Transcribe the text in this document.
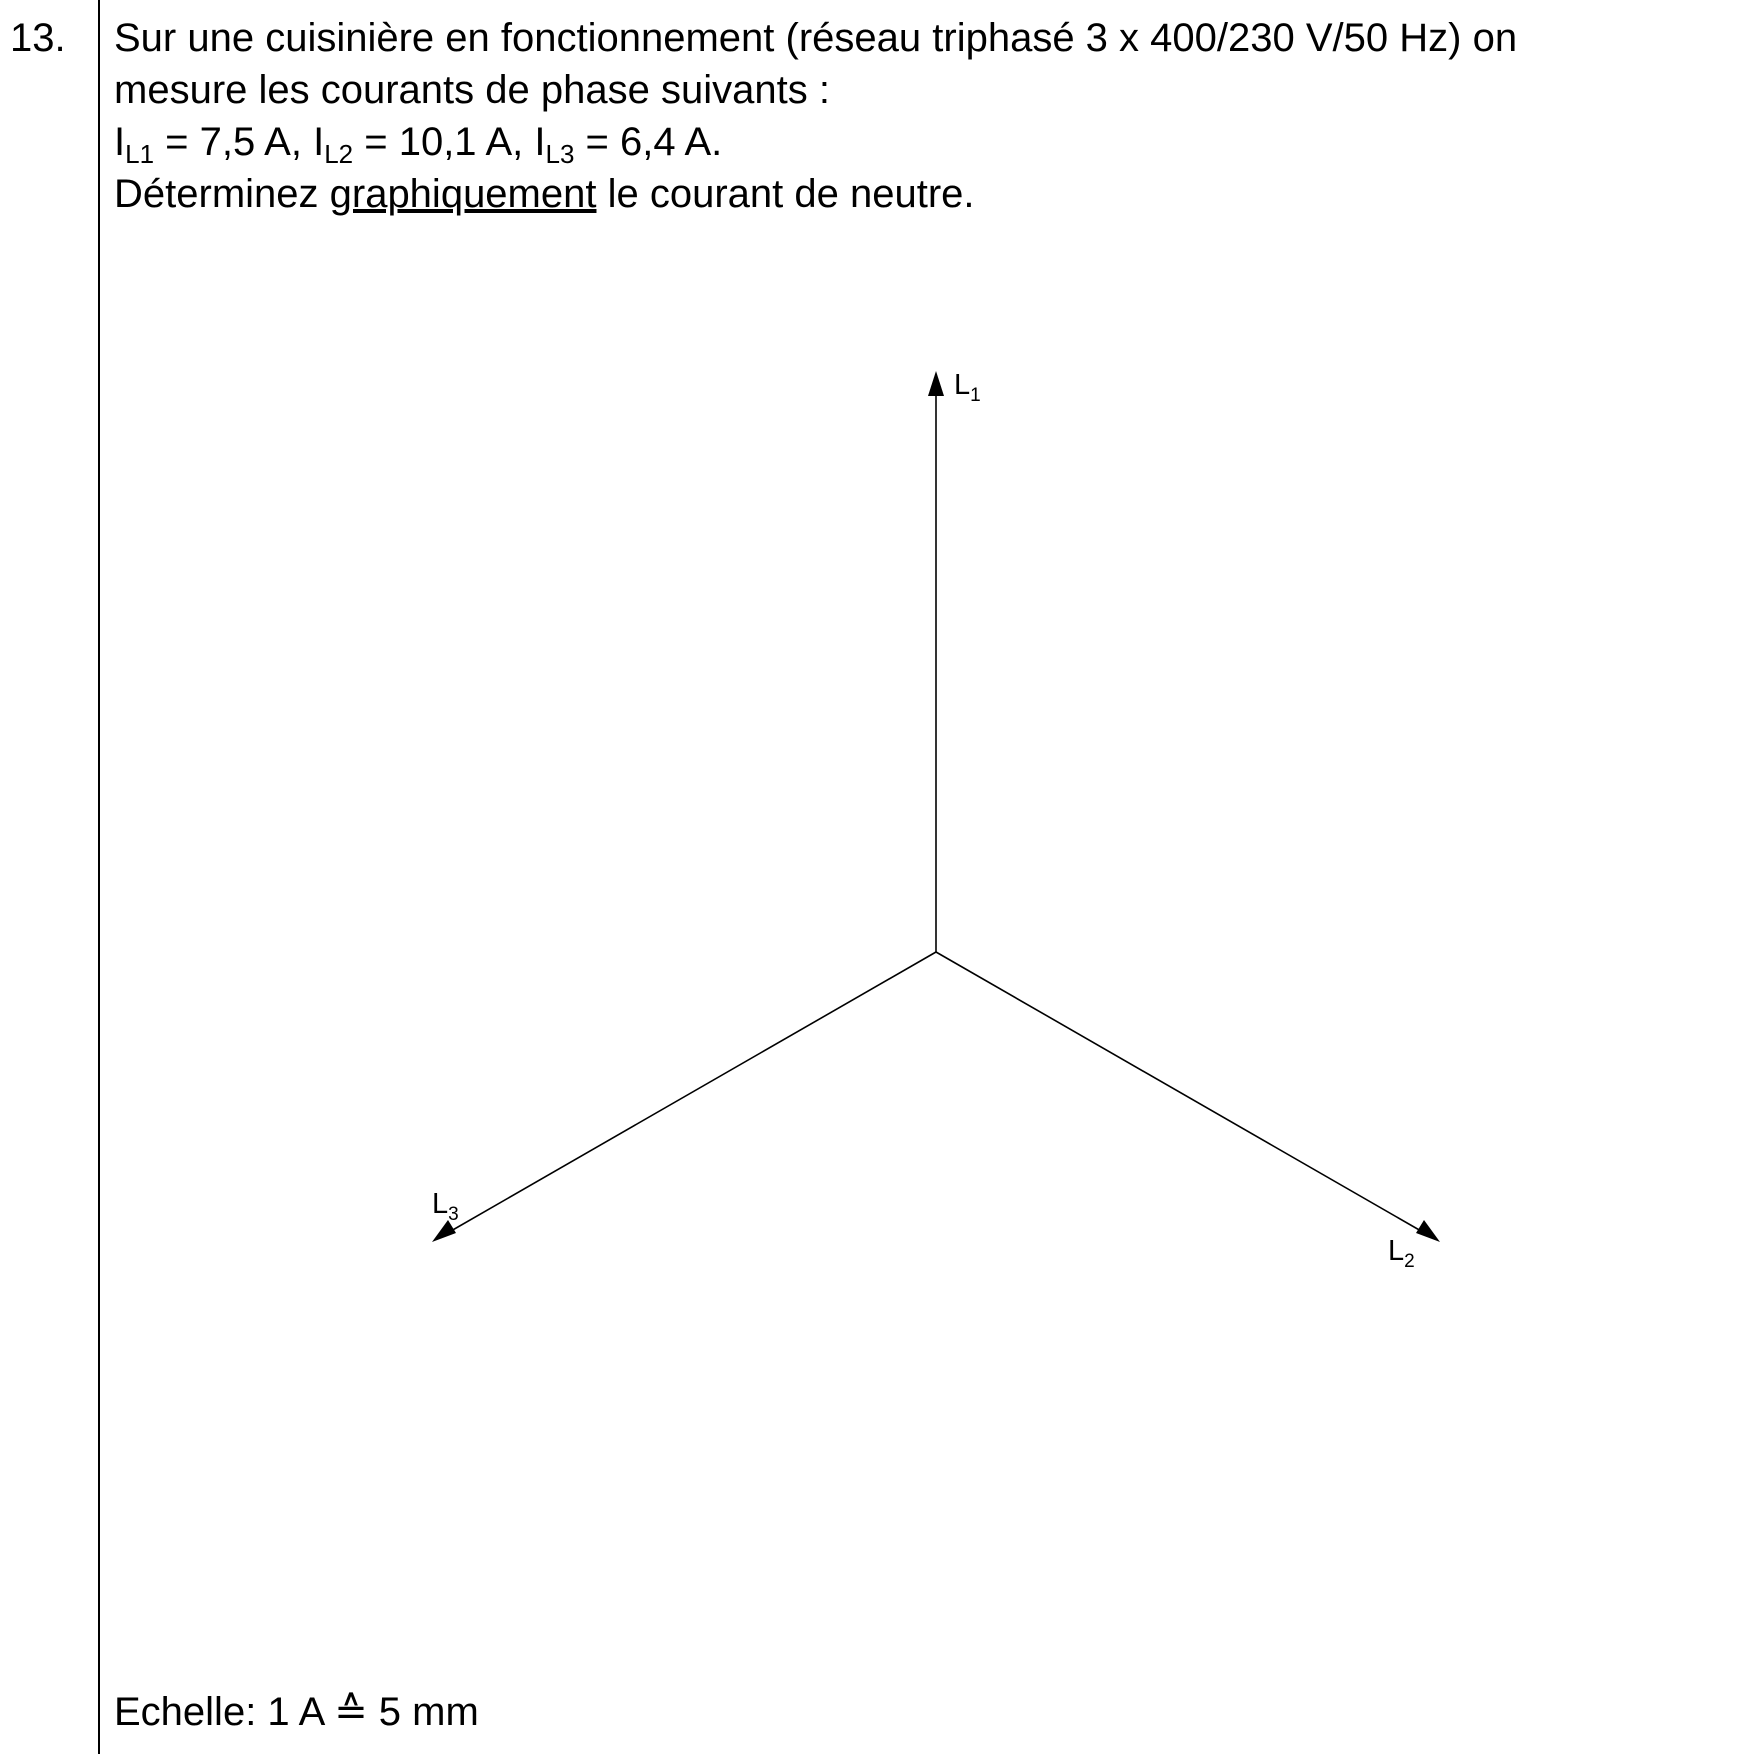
13. Sur une cuisinière en fonctionnement (réseau triphasé 3 x 400/230 V/50 Hz) on
mesure les courants de phase suivants :
$I_{L1} = 7,5$ A, $I_{L2} = 10,1$ A, $I_{L3} = 6,4$ A.
Déterminez graphiquement le courant de neutre.
$L_1$
$L_2$
$L_3$
Echelle: 1 A ≙ 5 mm
